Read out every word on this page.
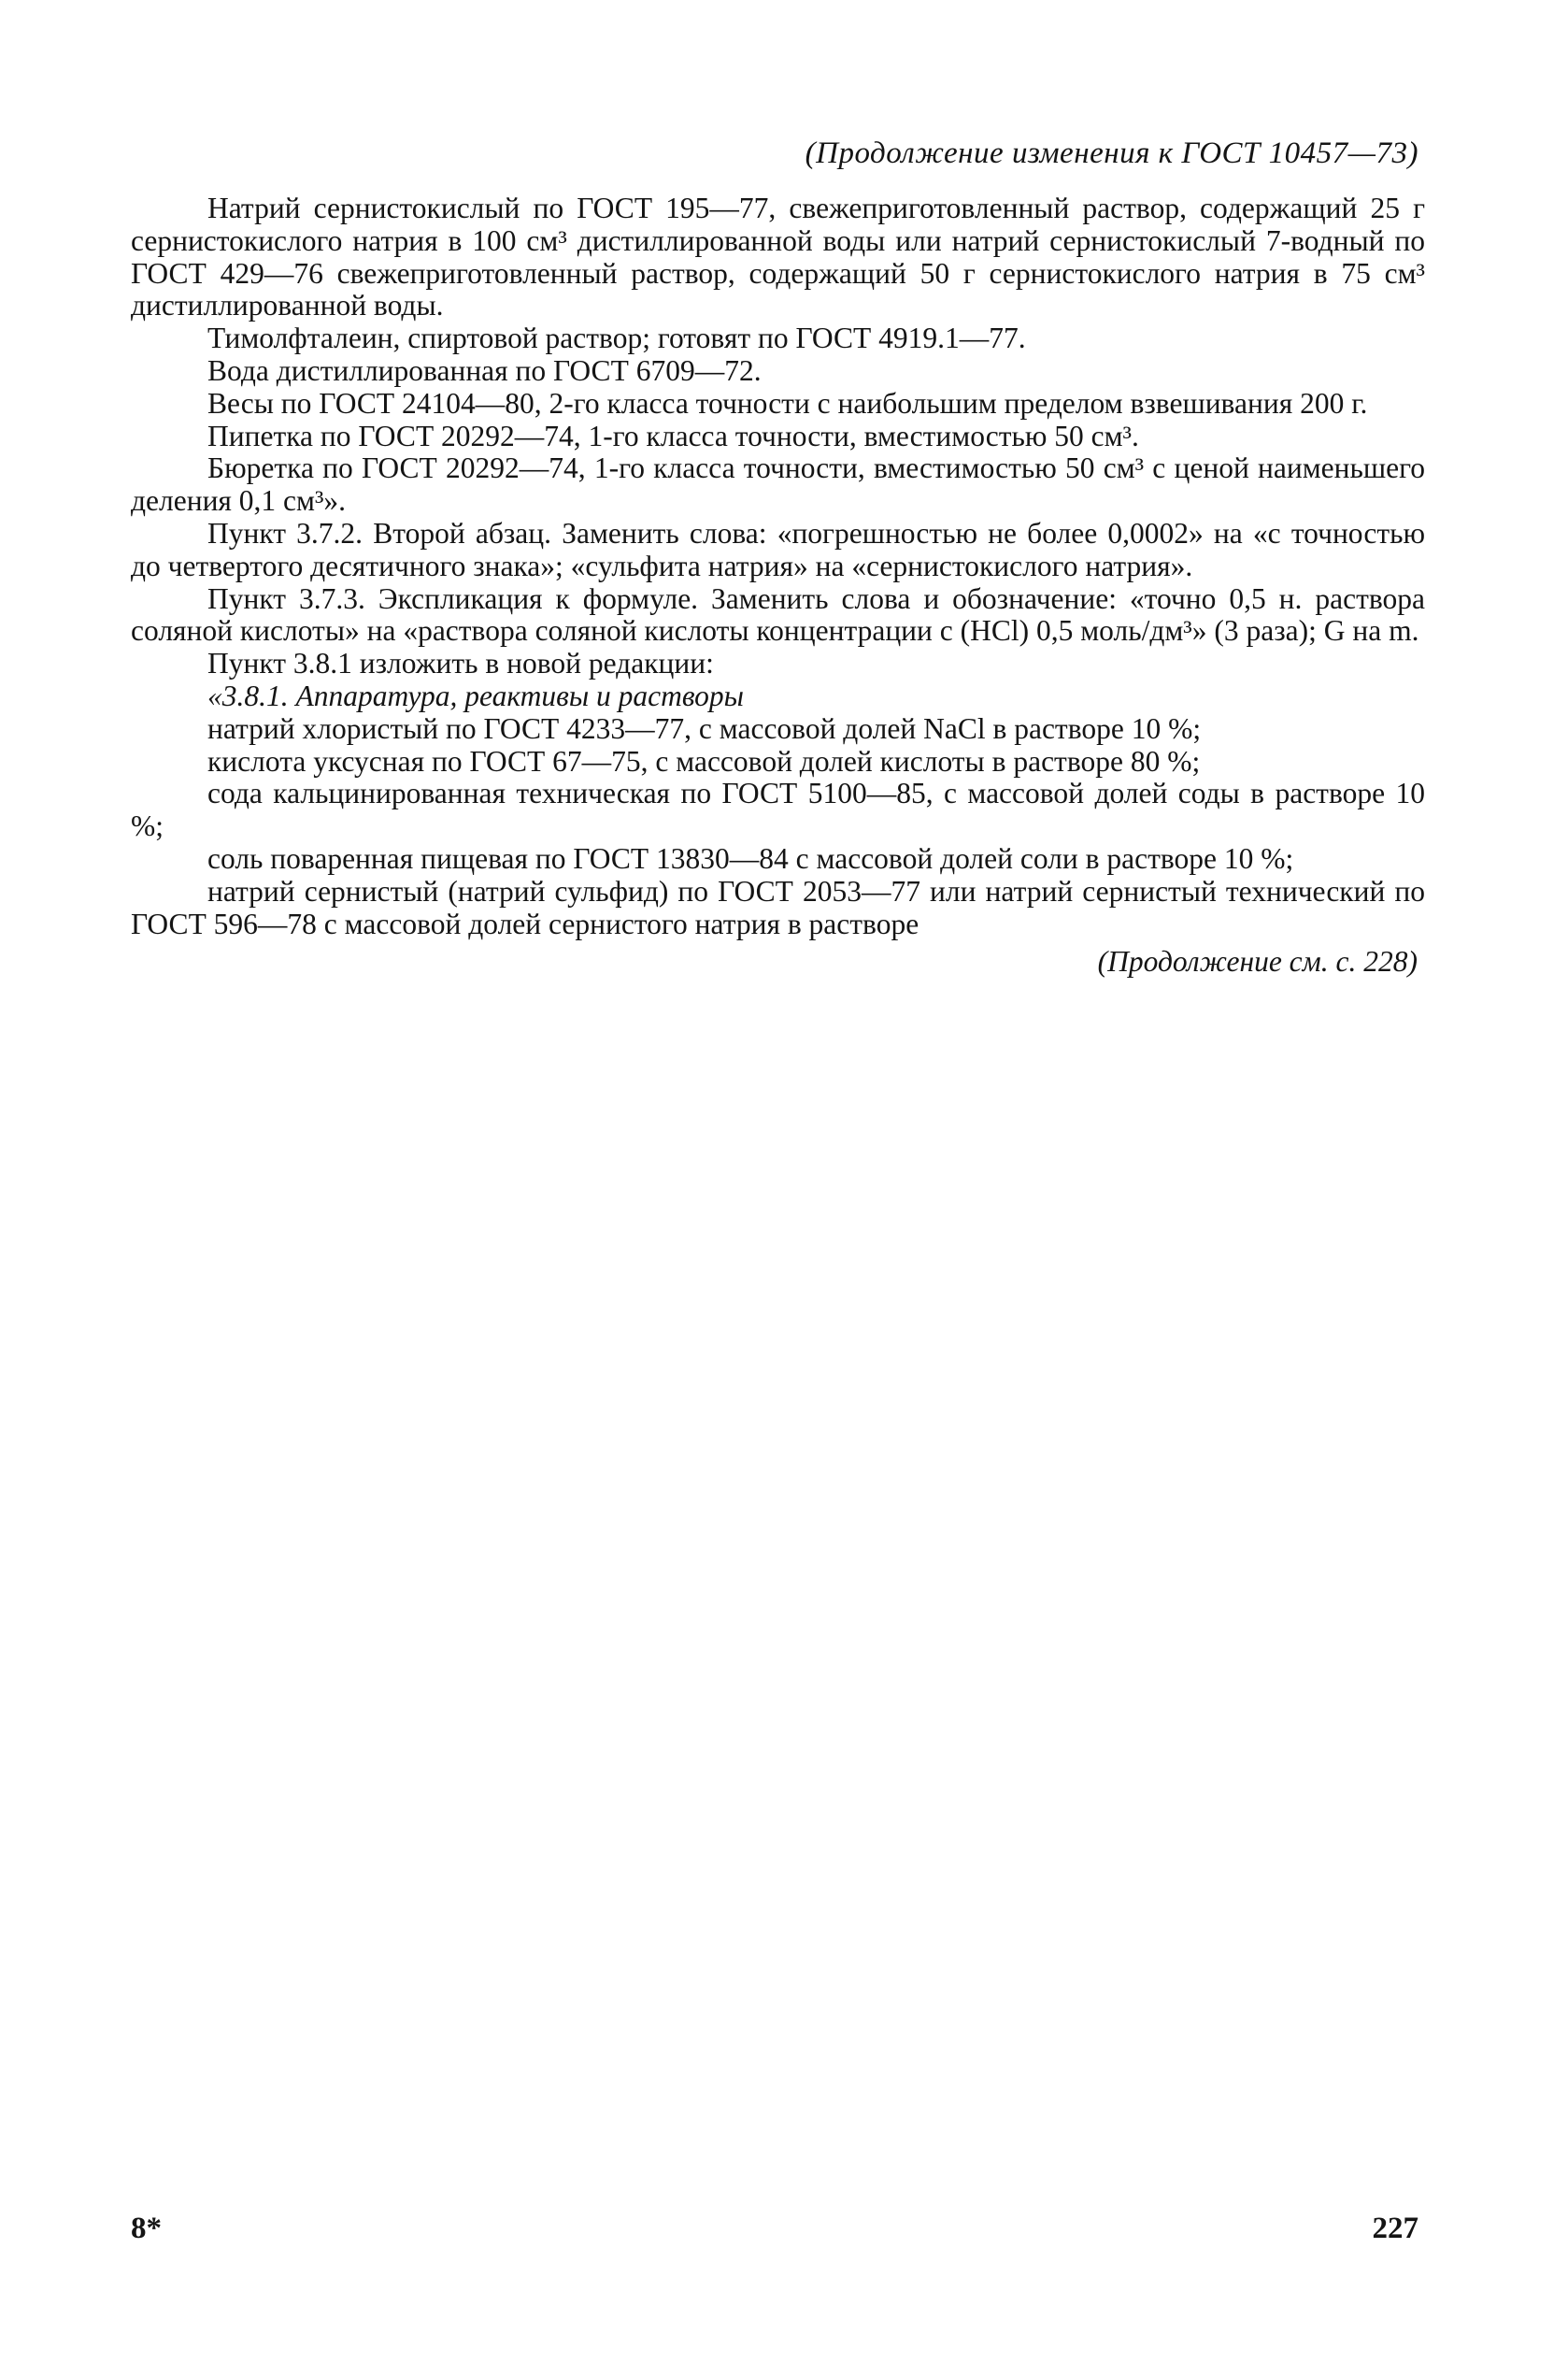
(Продолжение изменения к ГОСТ 10457—73)

Натрий сернистокислый по ГОСТ 195—77, свежеприготовленный раствор, содержащий 25 г сернистокислого натрия в 100 см³ дистиллированной воды или натрий сернистокислый 7-водный по ГОСТ 429—76 свежеприготовленный раствор, содержащий 50 г сернистокислого натрия в 75 см³ дистиллированной воды.

Тимолфталеин, спиртовой раствор; готовят по ГОСТ 4919.1—77.

Вода дистиллированная по ГОСТ 6709—72.

Весы по ГОСТ 24104—80, 2-го класса точности с наибольшим пределом взвешивания 200 г.

Пипетка по ГОСТ 20292—74, 1-го класса точности, вместимостью 50 см³.

Бюретка по ГОСТ 20292—74, 1-го класса точности, вместимостью 50 см³ с ценой наименьшего деления 0,1 см³».

Пункт 3.7.2. Второй абзац. Заменить слова: «погрешностью не более 0,0002» на «с точностью до четвертого десятичного знака»; «сульфита натрия» на «сернистокислого натрия».

Пункт 3.7.3. Экспликация к формуле. Заменить слова и обозначение: «точно 0,5 н. раствора соляной кислоты» на «раствора соляной кислоты концентрации с (HCl) 0,5 моль/дм³» (3 раза); G на m.

Пункт 3.8.1 изложить в новой редакции:

«3.8.1. Аппаратура, реактивы и растворы

натрий хлористый по ГОСТ 4233—77, с массовой долей NaCl в растворе 10 %;

кислота уксусная по ГОСТ 67—75, с массовой долей кислоты в растворе 80 %;

сода кальцинированная техническая по ГОСТ 5100—85, с массовой долей соды в растворе 10 %;

соль поваренная пищевая по ГОСТ 13830—84 с массовой долей соли в растворе 10 %;

натрий сернистый (натрий сульфид) по ГОСТ 2053—77 или натрий сернистый технический по ГОСТ 596—78 с массовой долей сернистого натрия в растворе

(Продолжение см. с. 228)
8*	227
